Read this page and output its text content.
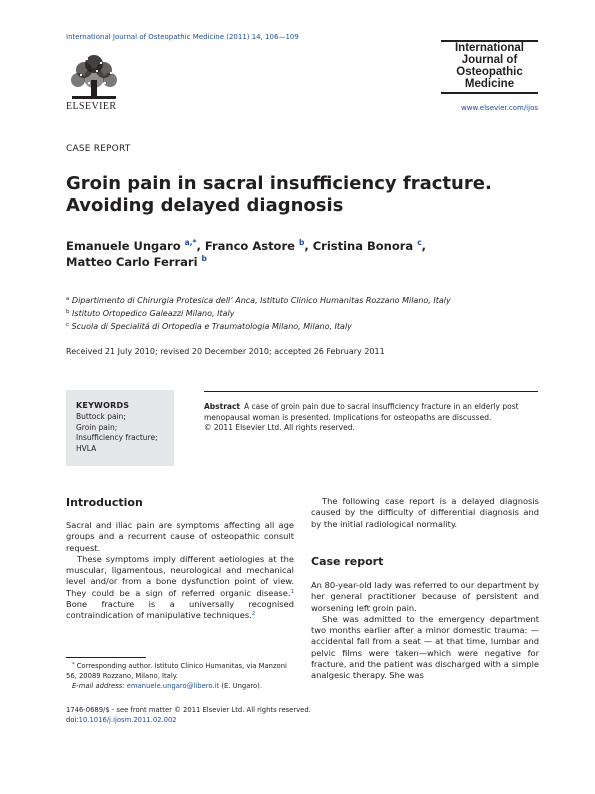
International Journal of Osteopathic Medicine (2011) 14, 106—109
ELSEVIER
International
Journal of
Osteopathic
Medicine
www.elsevier.com/ijos
CASE REPORT
Groin pain in sacral insufficiency fracture.
Avoiding delayed diagnosis
Emanuele Ungaro $^{a,*}$, Franco Astore $^b$, Cristina Bonora $^c$,
Matteo Carlo Ferrari $^b$
$^a$ Dipartimento di Chirurgia Protesica dell’ Anca, Istituto Clinico Humanitas Rozzano Milano, Italy
$^b$ Istituto Ortopedico Galeazzi Milano, Italy
$^c$ Scuola di Specialitá di Ortopedia e Traumatologia Milano, Milano, Italy
Received 21 July 2010; revised 20 December 2010; accepted 26 February 2011
KEYWORDS
Buttock pain;
Groin pain;
Insufficiency fracture;
HVLA
Abstract A case of groin pain due to sacral insufficiency fracture in an elderly post menopausal woman is presented. Implications for osteopaths are discussed.
© 2011 Elsevier Ltd. All rights reserved.
Introduction

Sacral and iliac pain are symptoms affecting all age groups and a recurrent cause of osteopathic consult request.

These symptoms imply different aetiologies at the muscular, ligamentous, neurological and mechanical level and/or from a bone dysfunction point of view. They could be a sign of referred organic disease.$^1$ Bone fracture is a universally recognised contraindication of manipulative techniques.$^2$

* Corresponding author. Istituto Clinico Humanitas, via Manzoni 56, 20089 Rozzano, Milano, Italy.

E-mail address: emanuele.ungaro@libero.it (E. Ungaro).

The following case report is a delayed diagnosis caused by the difficulty of differential diagnosis and by the initial radiological normality.

Case report

An 80-year-old lady was referred to our department by her general practitioner because of persistent and worsening left groin pain.

She was admitted to the emergency department two months earlier after a minor domestic trauma: — accidental fall from a seat — at that time, lumbar and pelvic films were taken—which were negative for fracture, and the patient was discharged with a simple analgesic therapy. She was

1746-0689/$ - see front matter © 2011 Elsevier Ltd. All rights reserved.
doi:10.1016/j.ijosm.2011.02.002
